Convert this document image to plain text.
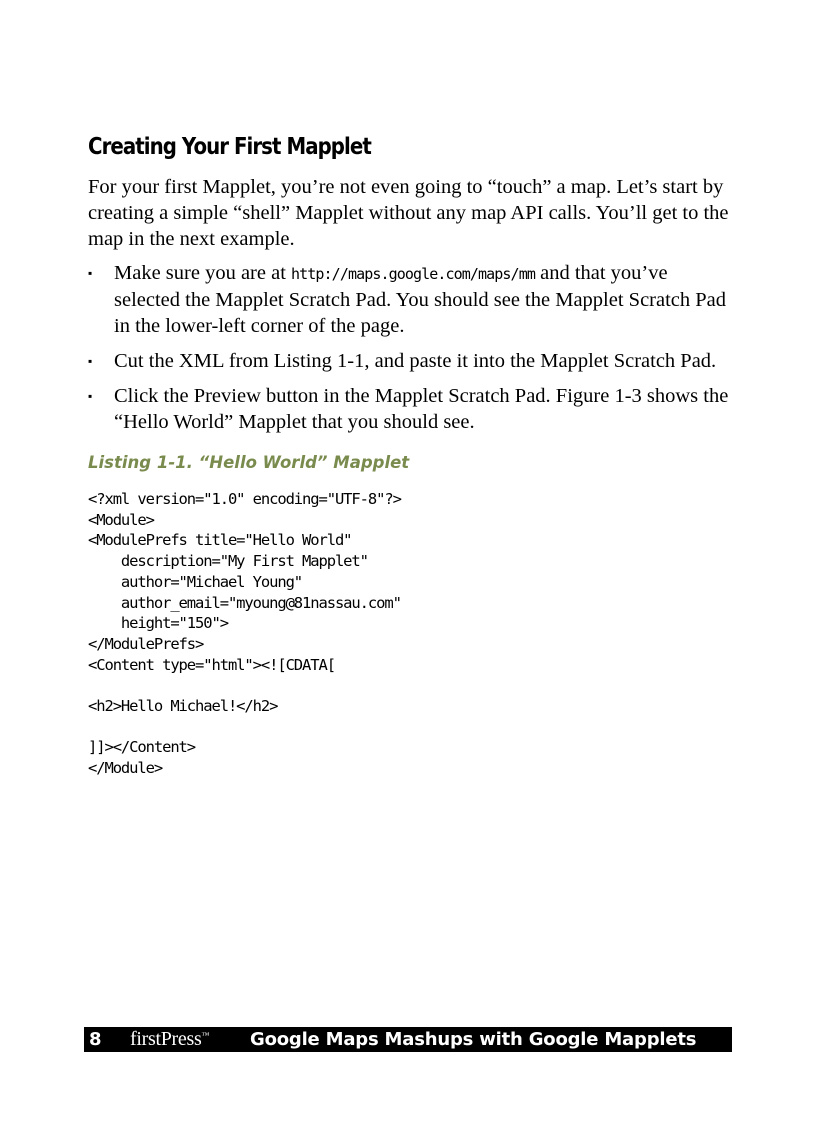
Creating Your First Mapplet

For your first Mapplet, you’re not even going to “touch” a map. Let’s start by creating a simple “shell” Mapplet without any map API calls. You’ll get to the map in the next example.

▪ Make sure you are at http://maps.google.com/maps/mm and that you’ve selected the Mapplet Scratch Pad. You should see the Mapplet Scratch Pad in the lower-left corner of the page.
▪ Cut the XML from Listing 1-1, and paste it into the Mapplet Scratch Pad.
▪ Click the Preview button in the Mapplet Scratch Pad. Figure 1-3 shows the “Hello World” Mapplet that you should see.
Listing 1-1. “Hello World” Mapplet
<?xml version="1.0" encoding="UTF-8"?>
<Module>
<ModulePrefs title="Hello World"
description="My First Mapplet"
author="Michael Young"
author_email="myoung@81nassau.com"
height="150">
</ModulePrefs>
<Content type="html"><![CDATA[

<h2>Hello Michael!</h2>

]]></Content>
</Module>
8 firstPress™ Google Maps Mashups with Google Mapplets
